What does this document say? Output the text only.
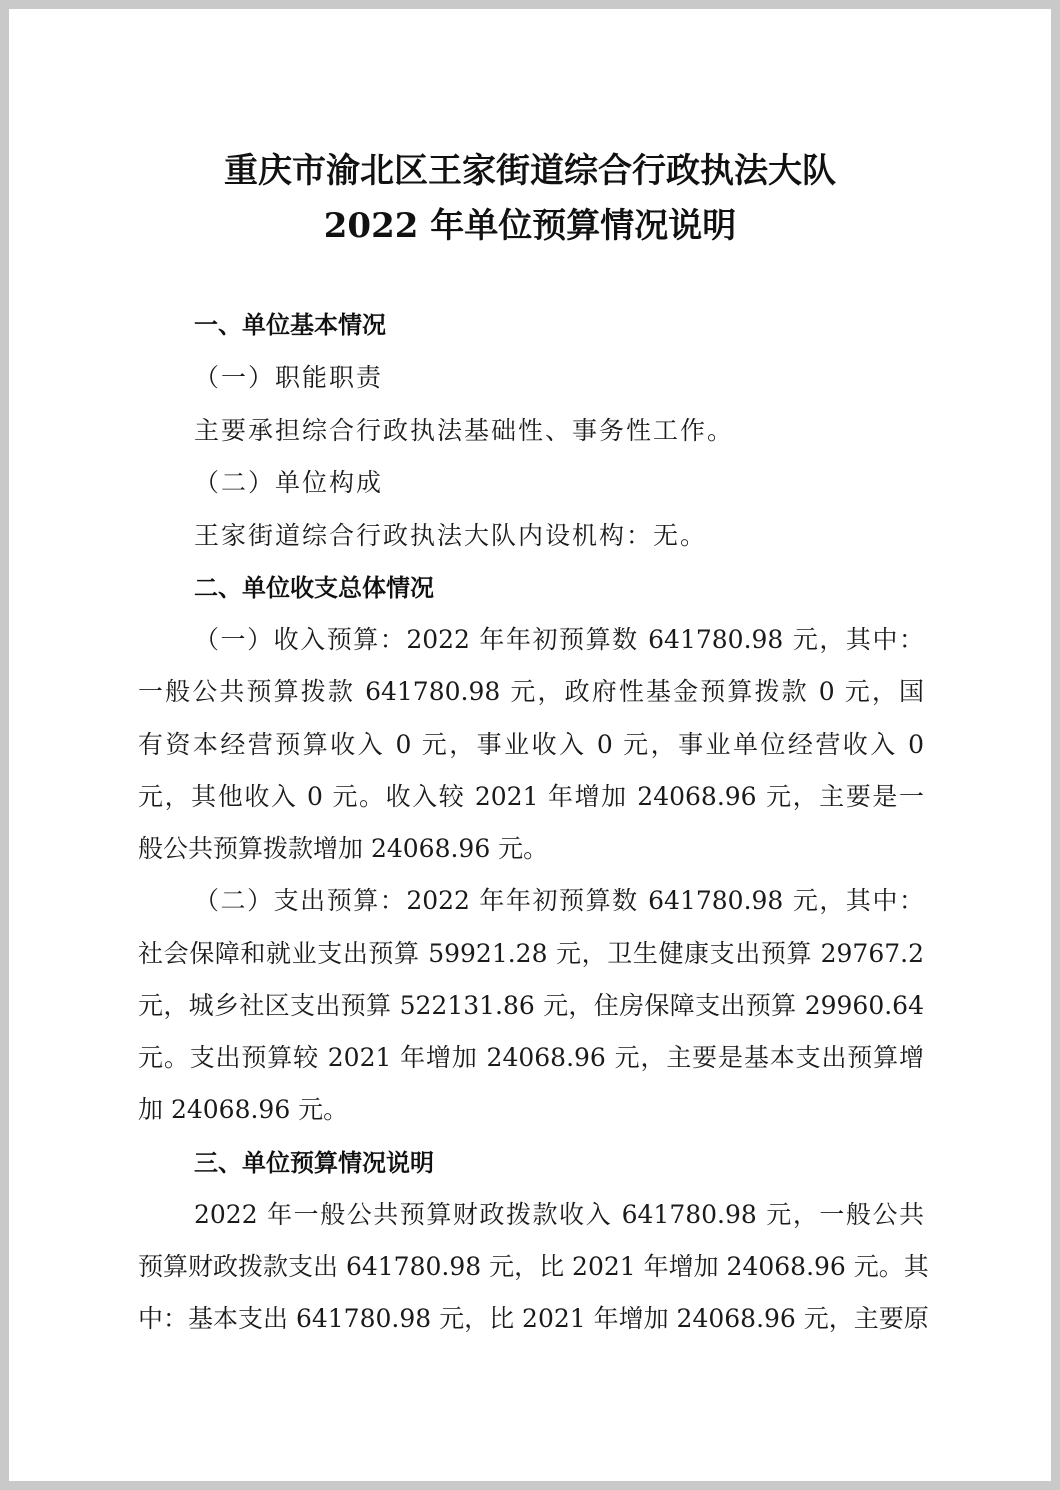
重庆市渝北区王家街道综合行政执法大队
2022 年单位预算情况说明
一、单位基本情况
（一）职能职责
主要承担综合行政执法基础性、事务性工作。
（二）单位构成
王家街道综合行政执法大队内设机构：无。
二、单位收支总体情况
（一）收入预算：2022 年年初预算数 641780.98 元，其中：
一般公共预算拨款 641780.98 元，政府性基金预算拨款 0 元，国
有资本经营预算收入 0 元，事业收入 0 元，事业单位经营收入 0
元，其他收入 0 元。收入较 2021 年增加 24068.96 元，主要是一
般公共预算拨款增加 24068.96 元。
（二）支出预算：2022 年年初预算数 641780.98 元，其中：
社会保障和就业支出预算 59921.28 元，卫生健康支出预算 29767.2
元，城乡社区支出预算 522131.86 元，住房保障支出预算 29960.64
元。支出预算较 2021 年增加 24068.96 元，主要是基本支出预算增
加 24068.96 元。
三、单位预算情况说明
2022 年一般公共预算财政拨款收入 641780.98 元，一般公共
预算财政拨款支出 641780.98 元，比 2021 年增加 24068.96 元。其
中：基本支出 641780.98 元，比 2021 年增加 24068.96 元，主要原
